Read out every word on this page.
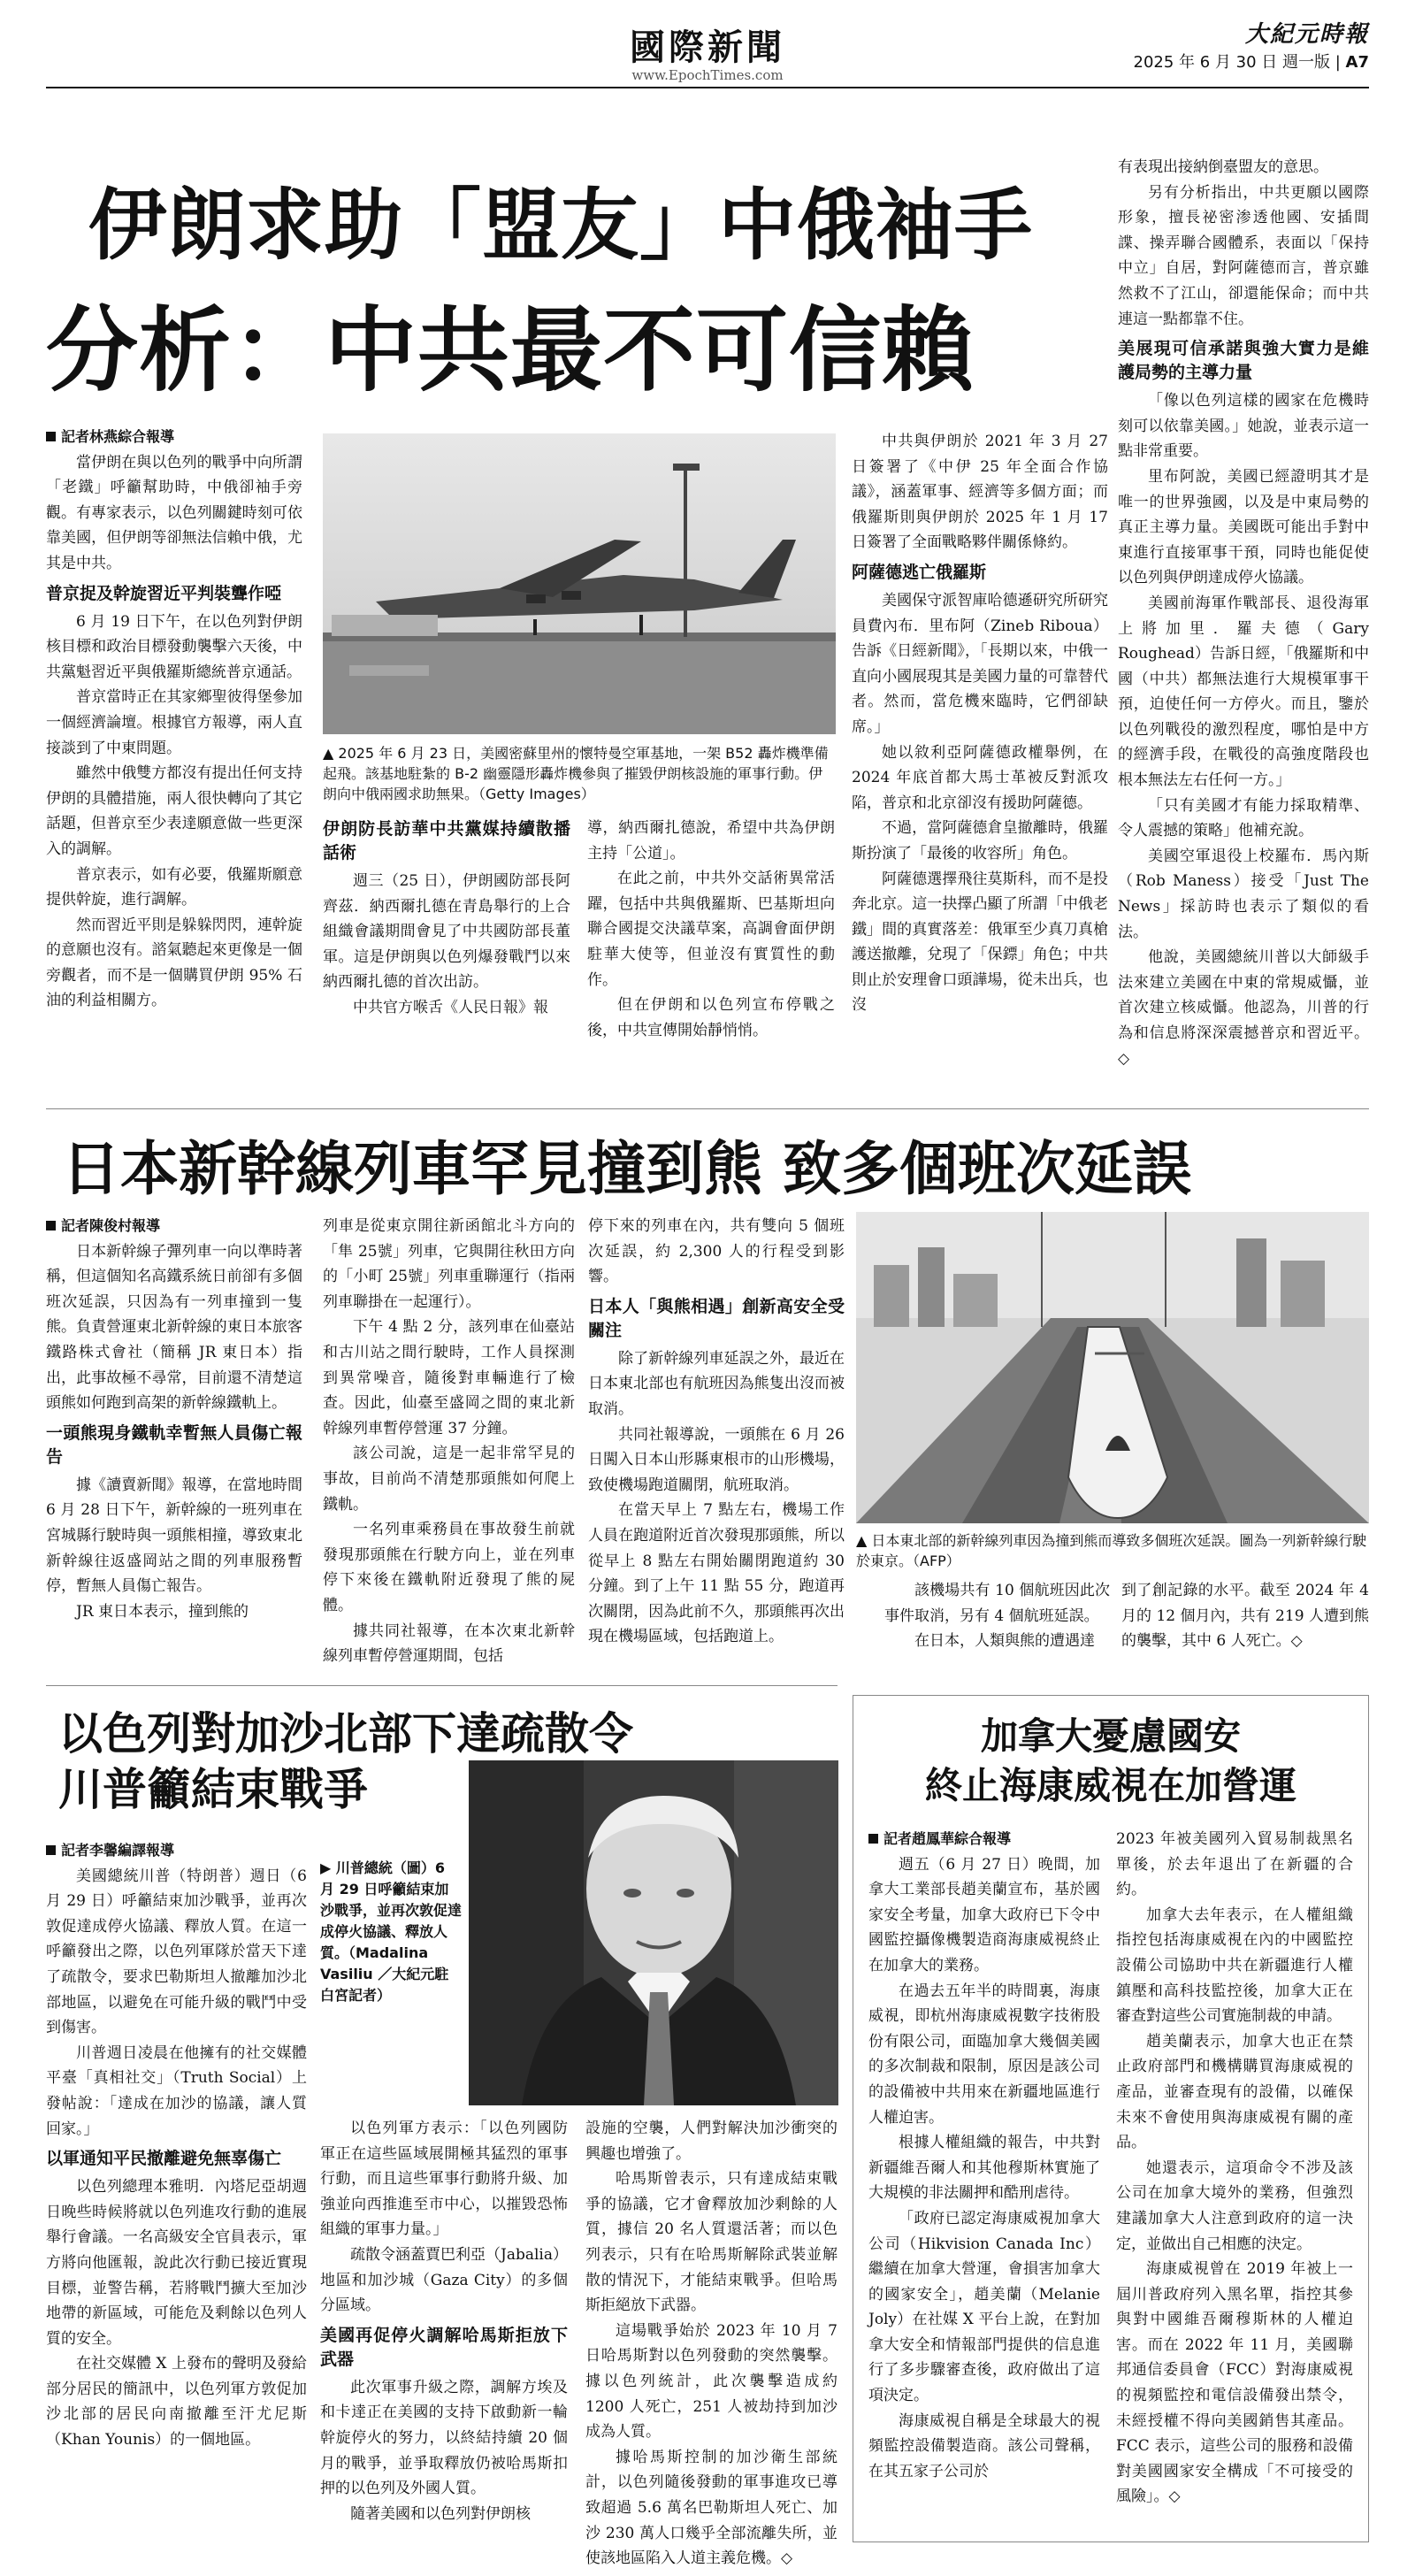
國際新聞
www.EpochTimes.com
大紀元時報
2025 年 6 月 30 日 週一版 | A7
伊朗求助「盟友」中俄袖手
分析：中共最不可信賴
記者林燕綜合報導

當伊朗在與以色列的戰爭中向所謂「老鐵」呼籲幫助時，中俄卻袖手旁觀。有專家表示，以色列關鍵時刻可依靠美國，但伊朗等卻無法信賴中俄，尤其是中共。

普京捉及幹旋習近平判裝聾作啞

6 月 19 日下午，在以色列對伊朗核目標和政治目標發動襲擊六天後，中共黨魁習近平與俄羅斯總統普京通話。

普京當時正在其家鄉聖彼得堡參加一個經濟論壇。根據官方報導，兩人直接談到了中東問題。

雖然中俄雙方都沒有提出任何支持伊朗的具體措施，兩人很快轉向了其它話題，但普京至少表達願意做一些更深入的調解。

普京表示，如有必要，俄羅斯願意提供幹旋，進行調解。

然而習近平則是躲躲閃閃，連幹旋的意願也沒有。諮氣聽起來更像是一個旁觀者，而不是一個購買伊朗 95% 石油的利益相關方。

▲ 2025 年 6 月 23 日，美國密蘇里州的懷特曼空軍基地，一架 B52 轟炸機準備起飛。該基地駐紮的 B-2 幽靈隱形轟炸機參與了摧毀伊朗核設施的軍事行動。伊朗向中俄兩國求助無果。（Getty Images）
伊朗防長訪華中共黨媒持續散播話術

週三（25 日），伊朗國防部長阿齊茲．納西爾扎德在青島舉行的上合組織會議期間會見了中共國防部長董軍。這是伊朗與以色列爆發戰鬥以來納西爾扎德的首次出訪。

中共官方喉舌《人民日報》報

導，納西爾扎德說，希望中共為伊朗主持「公道」。

在此之前，中共外交話術異常活躍，包括中共與俄羅斯、巴基斯坦向聯合國提交決議草案，高調會面伊朗駐華大使等，但並沒有實質性的動作。

但在伊朗和以色列宣布停戰之後，中共宣傳開始靜悄悄。

中共與伊朗於 2021 年 3 月 27 日簽署了《中伊 25 年全面合作協議》，涵蓋軍事、經濟等多個方面；而俄羅斯則與伊朗於 2025 年 1 月 17 日簽署了全面戰略夥伴關係條約。

阿薩德逃亡俄羅斯

美國保守派智庫哈德遜研究所研究員費內布．里布阿（Zineb Riboua）告訴《日經新聞》，「長期以來，中俄一直向小國展現其是美國力量的可靠替代者。然而，當危機來臨時，它們卻缺席。」

她以敘利亞阿薩德政權舉例，在 2024 年底首都大馬士革被反對派攻陷，普京和北京卻沒有援助阿薩德。

不過，當阿薩德倉皇撤離時，俄羅斯扮演了「最後的收容所」角色。

阿薩德選擇飛往莫斯科，而不是投奔北京。這一抉擇凸顯了所謂「中俄老鐵」間的真實落差：俄軍至少真刀真槍護送撤離，兌現了「保鏢」角色；中共則止於安理會口頭譁場，從未出兵，也沒

有表現出接納倒臺盟友的意思。

另有分析指出，中共更願以國際形象，擅長祕密渗透他國、安插間諜、操弄聯合國體系，表面以「保持中立」自居，對阿薩德而言，普京雖然救不了江山，卻還能保命；而中共連這一點都靠不住。

美展現可信承諾與強大實力是維護局勢的主導力量

「像以色列這樣的國家在危機時刻可以依靠美國。」她說，並表示這一點非常重要。

里布阿說，美國已經證明其才是唯一的世界強國，以及是中東局勢的真正主導力量。美國既可能出手對中東進行直接軍事干預，同時也能促使以色列與伊朗達成停火協議。

美國前海軍作戰部長、退役海軍上將加里．羅夫德（Gary Roughead）告訴日經，「俄羅斯和中國（中共）都無法進行大規模軍事干預，迫使任何一方停火。而且，鑒於以色列戰役的激烈程度，哪怕是中方的經濟手段，在戰役的高強度階段也根本無法左右任何一方。」

「只有美國才有能力採取精準、令人震撼的策略」他補充說。

美國空軍退役上校羅布．馬內斯（Rob Maness）接受「Just The News」採訪時也表示了類似的看法。

他說，美國總統川普以大師級手法來建立美國在中東的常規威懾，並首次建立核威懾。他認為，川普的行為和信息將深深震撼普京和習近平。◇

日本新幹線列車罕見撞到熊 致多個班次延誤
記者陳俊村報導

日本新幹線子彈列車一向以準時著稱，但這個知名高鐵系統日前卻有多個班次延誤，只因為有一列車撞到一隻熊。負責營運東北新幹線的東日本旅客鐵路株式會社（簡稱 JR 東日本）指出，此事故極不尋常，目前還不清楚這頭熊如何跑到高架的新幹線鐵軌上。

一頭熊現身鐵軌幸暫無人員傷亡報告

據《讀賣新聞》報導，在當地時間 6 月 28 日下午，新幹線的一班列車在宮城縣行駛時與一頭熊相撞，導致東北新幹線往返盛岡站之間的列車服務暫停，暫無人員傷亡報告。

JR 東日本表示，撞到熊的

列車是從東京開往新函館北斗方向的「隼 25號」列車，它與開往秋田方向的「小町 25號」列車重聯運行（指兩列車聯掛在一起運行）。

下午 4 點 2 分，該列車在仙臺站和古川站之間行駛時，工作人員探測到異常噪音，隨後對車輛進行了檢查。因此，仙臺至盛岡之間的東北新幹線列車暫停營運 37 分鐘。

該公司說，這是一起非常罕見的事故，目前尚不清楚那頭熊如何爬上鐵軌。

一名列車乘務員在事故發生前就發現那頭熊在行駛方向上，並在列車停下來後在鐵軌附近發現了熊的屍體。

據共同社報導，在本次東北新幹線列車暫停營運期間，包括

停下來的列車在內，共有雙向 5 個班次延誤，約 2,300 人的行程受到影響。

日本人「與熊相遇」創新高安全受關注

除了新幹線列車延誤之外，最近在日本東北部也有航班因為熊隻出沒而被取消。

共同社報導說，一頭熊在 6 月 26 日闖入日本山形縣東根市的山形機場，致使機場跑道關閉，航班取消。

在當天早上 7 點左右，機場工作人員在跑道附近首次發現那頭熊，所以從早上 8 點左右開始關閉跑道約 30 分鐘。到了上午 11 點 55 分，跑道再次關閉，因為此前不久，那頭熊再次出現在機場區域，包括跑道上。

▲ 日本東北部的新幹線列車因為撞到熊而導致多個班次延誤。圖為一列新幹線行駛於東京。（AFP）

該機場共有 10 個航班因此次事件取消，另有 4 個航班延誤。

在日本，人類與熊的遭遇達

到了創記錄的水平。截至 2024 年 4 月的 12 個月內，共有 219 人遭到熊的襲擊，其中 6 人死亡。◇

以色列對加沙北部下達疏散令
川普籲結束戰爭
記者李馨編譯報導

美國總統川普（特朗普）週日（6 月 29 日）呼籲結束加沙戰爭，並再次敦促達成停火協議、釋放人質。在這一呼籲發出之際，以色列軍隊於當天下達了疏散令，要求巴勒斯坦人撤離加沙北部地區，以避免在可能升級的戰鬥中受到傷害。

川普週日凌晨在他擁有的社交媒體平臺「真相社交」（Truth Social）上發帖說：「達成在加沙的協議，讓人質回家。」

以軍通知平民撤離避免無辜傷亡

以色列總理本雅明．內塔尼亞胡週日晚些時候將就以色列進攻行動的進展舉行會議。一名高級安全官員表示，軍方將向他匯報，說此次行動已接近實現目標，並警告稱，若將戰鬥擴大至加沙地帶的新區域，可能危及剩餘以色列人質的安全。

在社交媒體 X 上發布的聲明及發給部分居民的簡訊中，以色列軍方敦促加沙北部的居民向南撤離至汗尤尼斯（Khan Younis）的一個地區。

▶ 川普總統（圖）6 月 29 日呼籲結束加沙戰爭，並再次敦促達成停火協議、釋放人質。（Madalina Vasiliu ／大紀元駐白宮記者）

以色列軍方表示：「以色列國防軍正在這些區域展開極其猛烈的軍事行動，而且這些軍事行動將升級、加強並向西推進至市中心，以摧毀恐怖組織的軍事力量。」

疏散令涵蓋賈巴利亞（Jabalia）地區和加沙城（Gaza City）的多個分區域。

美國再促停火調解哈馬斯拒放下武器

此次軍事升級之際，調解方埃及和卡達正在美國的支持下啟動新一輪幹旋停火的努力，以終結持續 20 個月的戰爭，並爭取釋放仍被哈馬斯扣押的以色列及外國人質。

隨著美國和以色列對伊朗核

設施的空襲，人們對解決加沙衝突的興趣也增強了。

哈馬斯曾表示，只有達成結束戰爭的協議，它才會釋放加沙剩餘的人質，據信 20 名人質還活著；而以色列表示，只有在哈馬斯解除武裝並解散的情況下，才能結束戰爭。但哈馬斯拒絕放下武器。

這場戰爭始於 2023 年 10 月 7 日哈馬斯對以色列發動的突然襲擊。據以色列統計，此次襲擊造成約 1200 人死亡，251 人被劫持到加沙成為人質。

據哈馬斯控制的加沙衛生部統計，以色列隨後發動的軍事進攻已導致超過 5.6 萬名巴勒斯坦人死亡、加沙 230 萬人口幾乎全部流離失所，並使該地區陷入人道主義危機。◇

加拿大憂慮國安
終止海康威視在加營運
記者趙鳳華綜合報導

週五（6 月 27 日）晚間，加拿大工業部長趙美蘭宣布，基於國家安全考量，加拿大政府已下令中國監控攝像機製造商海康威視終止在加拿大的業務。

在過去五年半的時間裏，海康威視，即杭州海康威視數字技術股份有限公司，面臨加拿大幾個美國的多次制裁和限制，原因是該公司的設備被中共用來在新疆地區進行人權迫害。

根據人權組織的報告，中共對新疆維吾爾人和其他穆斯林實施了大規模的非法關押和酷刑虐待。

「政府已認定海康威視加拿大公司（Hikvision Canada Inc）繼續在加拿大營運，會損害加拿大的國家安全」，趙美蘭（Melanie Joly）在社媒 X 平台上說，在對加拿大安全和情報部門提供的信息進行了多步驟審查後，政府做出了這項決定。

海康威視自稱是全球最大的視頻監控設備製造商。該公司聲稱，在其五家子公司於

2023 年被美國列入貿易制裁黑名單後，於去年退出了在新疆的合約。

加拿大去年表示，在人權組織指控包括海康威視在內的中國監控設備公司協助中共在新疆進行人權鎮壓和高科技監控後，加拿大正在審查對這些公司實施制裁的申請。

趙美蘭表示，加拿大也正在禁止政府部門和機構購買海康威視的產品，並審查現有的設備，以確保未來不會使用與海康威視有關的產品。

她還表示，這項命令不涉及該公司在加拿大境外的業務，但強烈建議加拿大人注意到政府的這一決定，並做出自己相應的決定。

海康威視曾在 2019 年被上一屆川普政府列入黑名單，指控其參與對中國維吾爾穆斯林的人權迫害。而在 2022 年 11 月，美國聯邦通信委員會（FCC）對海康威視的視頻監控和電信設備發出禁令，未經授權不得向美國銷售其產品。FCC 表示，這些公司的服務和設備對美國國家安全構成「不可接受的風險」。◇
